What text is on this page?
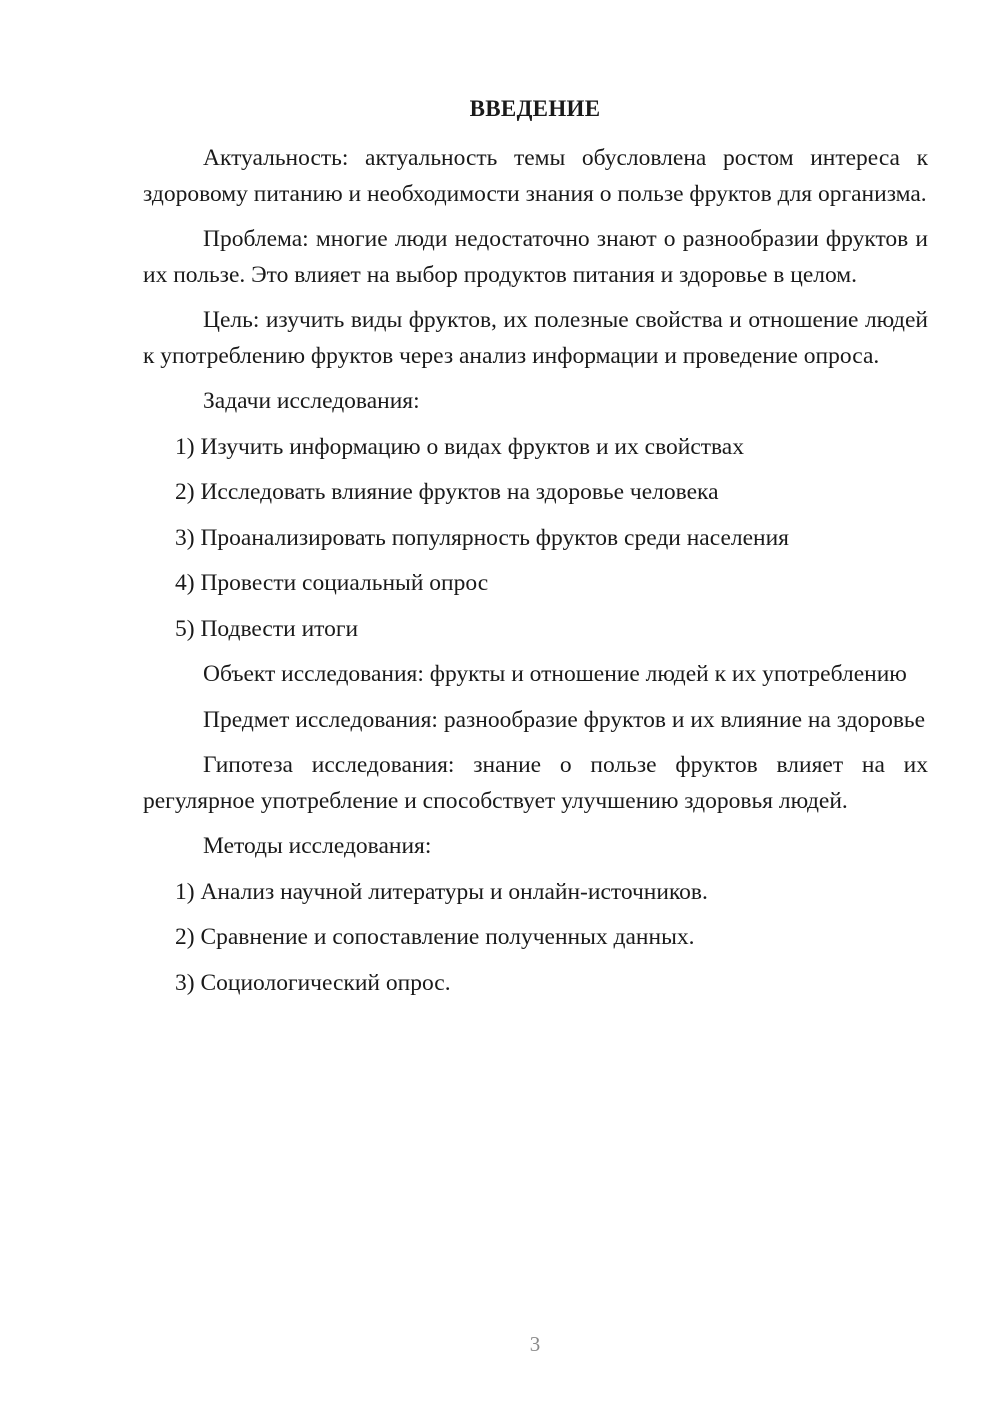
ВВЕДЕНИЕ

Актуальность: актуальность темы обусловлена ростом интереса к здоровому питанию и необходимости знания о пользе фруктов для организма.

Проблема: многие люди недостаточно знают о разнообразии фруктов и их пользе. Это влияет на выбор продуктов питания и здоровье в целом.

Цель: изучить виды фруктов, их полезные свойства и отношение людей к употреблению фруктов через анализ информации и проведение опроса.

Задачи исследования:

1) Изучить информацию о видах фруктов и их свойствах

2) Исследовать влияние фруктов на здоровье человека

3) Проанализировать популярность фруктов среди населения

4) Провести социальный опрос

5) Подвести итоги

Объект исследования: фрукты и отношение людей к их употреблению

Предмет исследования: разнообразие фруктов и их влияние на здоровье

Гипотеза исследования: знание о пользе фруктов влияет на их регулярное употребление и способствует улучшению здоровья людей.

Методы исследования:

1) Анализ научной литературы и онлайн-источников.

2) Сравнение и сопоставление полученных данных.

3) Социологический опрос.

3
